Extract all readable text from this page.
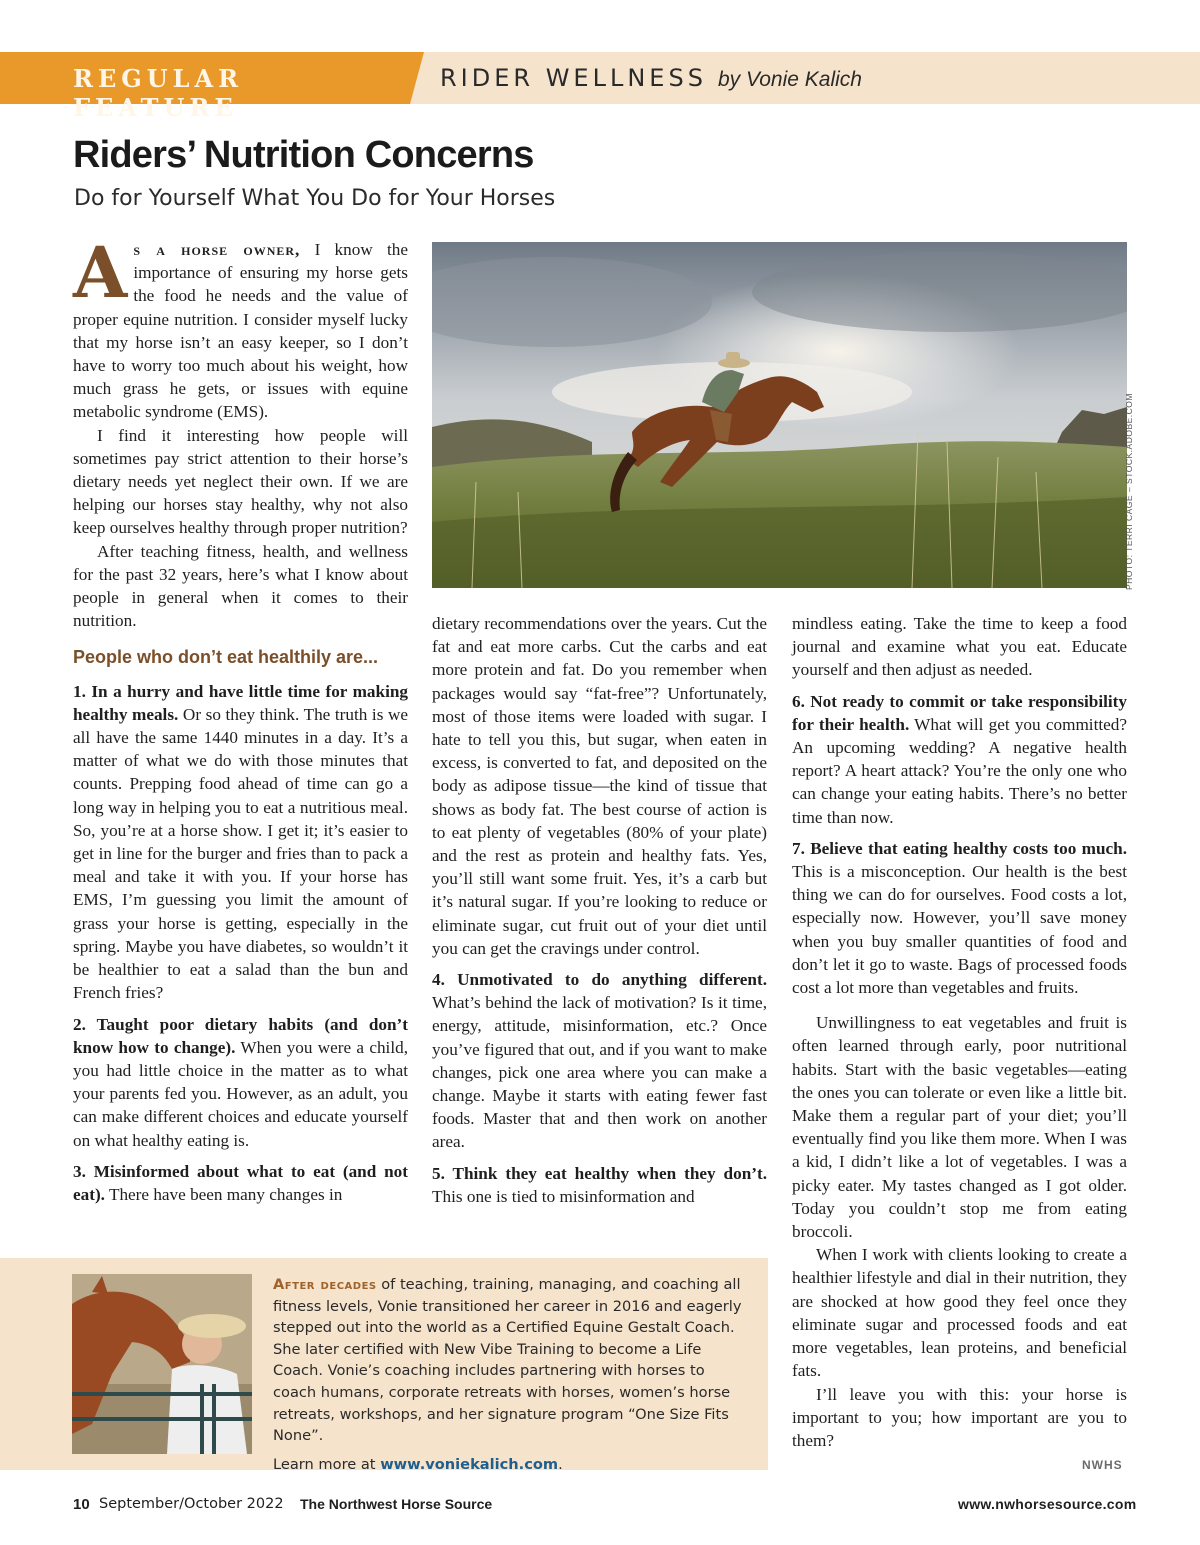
REGULAR FEATURE
RIDER WELLNESS by Vonie Kalich
Riders’ Nutrition Concerns
Do for Yourself What You Do for Your Horses

As a horse owner, I know the importance of ensuring my horse gets the food he needs and the value of proper equine nutrition. I consider myself lucky that my horse isn’t an easy keeper, so I don’t have to worry too much about his weight, how much grass he gets, or issues with equine metabolic syndrome (EMS).

I find it interesting how people will sometimes pay strict attention to their horse’s dietary needs yet neglect their own. If we are helping our horses stay healthy, why not also keep ourselves healthy through proper nutrition?

After teaching fitness, health, and wellness for the past 32 years, here’s what I know about people in general when it comes to their nutrition.

People who don’t eat healthily are...

1. In a hurry and have little time for making healthy meals. Or so they think. The truth is we all have the same 1440 minutes in a day. It’s a matter of what we do with those minutes that counts. Prepping food ahead of time can go a long way in helping you to eat a nutritious meal. So, you’re at a horse show. I get it; it’s easier to get in line for the burger and fries than to pack a meal and take it with you. If your horse has EMS, I’m guessing you limit the amount of grass your horse is getting, especially in the spring. Maybe you have diabetes, so wouldn’t it be healthier to eat a salad than the bun and French fries?

2. Taught poor dietary habits (and don’t know how to change). When you were a child, you had little choice in the matter as to what your parents fed you. However, as an adult, you can make different choices and educate yourself on what healthy eating is.

3. Misinformed about what to eat (and not eat). There have been many changes in

PHOTO: TERRI CAGE – STOCK.ADOBE.COM

dietary recommendations over the years. Cut the fat and eat more carbs. Cut the carbs and eat more protein and fat. Do you remember when packages would say “fat-free”? Unfortunately, most of those items were loaded with sugar. I hate to tell you this, but sugar, when eaten in excess, is converted to fat, and deposited on the body as adipose tissue—the kind of tissue that shows as body fat. The best course of action is to eat plenty of vegetables (80% of your plate) and the rest as protein and healthy fats. Yes, you’ll still want some fruit. Yes, it’s a carb but it’s natural sugar. If you’re looking to reduce or eliminate sugar, cut fruit out of your diet until you can get the cravings under control.

4. Unmotivated to do anything different. What’s behind the lack of motivation? Is it time, energy, attitude, misinformation, etc.? Once you’ve figured that out, and if you want to make changes, pick one area where you can make a change. Maybe it starts with eating fewer fast foods. Master that and then work on another area.

5. Think they eat healthy when they don’t. This one is tied to misinformation and

mindless eating. Take the time to keep a food journal and examine what you eat. Educate yourself and then adjust as needed.

6. Not ready to commit or take responsibility for their health. What will get you committed? An upcoming wedding? A negative health report? A heart attack? You’re the only one who can change your eating habits. There’s no better time than now.

7. Believe that eating healthy costs too much. This is a misconception. Our health is the best thing we can do for ourselves. Food costs a lot, especially now. However, you’ll save money when you buy smaller quantities of food and don’t let it go to waste. Bags of processed foods cost a lot more than vegetables and fruits.

Unwillingness to eat vegetables and fruit is often learned through early, poor nutritional habits. Start with the basic vegetables—eating the ones you can tolerate or even like a little bit. Make them a regular part of your diet; you’ll eventually find you like them more. When I was a kid, I didn’t like a lot of vegetables. I was a picky eater. My tastes changed as I got older. Today you couldn’t stop me from eating broccoli.

When I work with clients looking to create a healthier lifestyle and dial in their nutrition, they are shocked at how good they feel once they eliminate sugar and processed foods and eat more vegetables, lean proteins, and beneficial fats.

I’ll leave you with this: your horse is important to you; how important are you to them?

NWHS
After decades of teaching, training, managing, and coaching all fitness levels, Vonie transitioned her career in 2016 and eagerly stepped out into the world as a Certified Equine Gestalt Coach. She later certified with New Vibe Training to become a Life Coach. Vonie’s coaching includes partnering with horses to coach humans, corporate retreats with horses, women’s horse retreats, workshops, and her signature program “One Size Fits None”.
Learn more at www.voniekalich.com.
10 September/October 2022 The Northwest Horse Source	www.nwhorsesource.com
